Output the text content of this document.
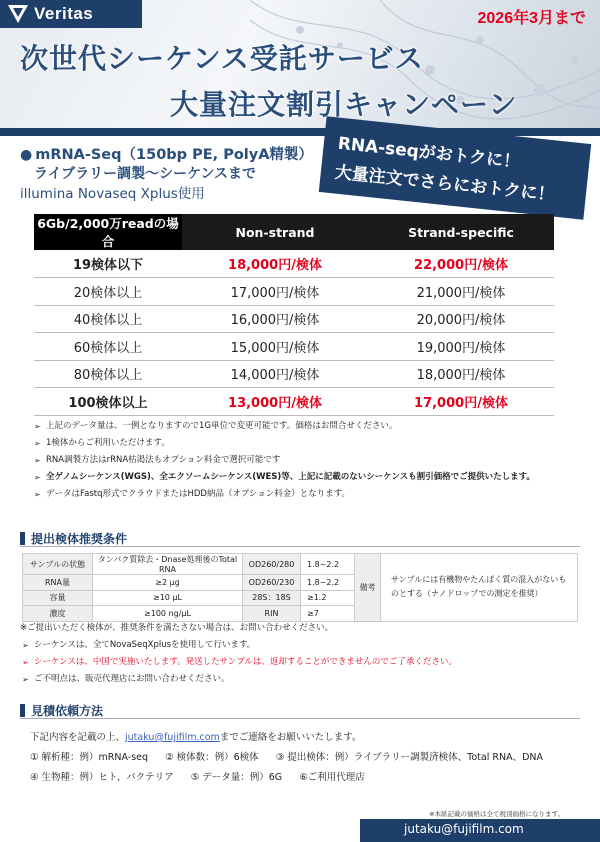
Veritas	2026年3月まで
次世代シーケンス受託サービス
大量注文割引キャンペーン
● mRNA-Seq（150bp PE, PolyA精製）
ライブラリー調製～シーケンスまで
illumina Novaseq Xplus使用
RNA-seqがおトクに！
大量注文でさらにおトクに！
6Gb/2,000万readの場合	Non-strand	Strand-specific
19検体以下	18,000円/検体	22,000円/検体
20検体以上	17,000円/検体	21,000円/検体
40検体以上	16,000円/検体	20,000円/検体
60検体以上	15,000円/検体	19,000円/検体
80検体以上	14,000円/検体	18,000円/検体
100検体以上	13,000円/検体	17,000円/検体
➢ 上記のデータ量は、一例となりますので1G単位で変更可能です。価格はお問合せください。
➢ 1検体からご利用いただけます。
➢ RNA調製方法はrRNA枯渇法もオプション料金で選択可能です
➢ 全ゲノムシーケンス(WGS)、全エクソームシーケンス(WES)等、上記に記載のないシーケンスも割引価格でご提供いたします。
➢ データはFastq形式でクラウドまたはHDD納品（オプション料金）となります。
提出検体推奨条件
サンプルの状態	タンパク質除去・Dnase処理後のTotal RNA	OD260/280	1.8~2.2	備考	サンプルには有機物やたんぱく質の混入がないものとする（ナノドロップでの測定を推奨）
RNA量	≥2 μg	OD260/230	1.8~2.2		
容量	≥10 μL	28S：18S	≥1.2		
濃度	≥100 ng/μL	RIN	≥7		
※ご提出いただく検体が、推奨条件を満たさない場合は、お問い合わせください。
➢ シーケンスは、全てNovaSeqXplusを使用して行います。
➢ シーケンスは、中国で実施いたします。発送したサンプルは、返却することができませんのでご了承ください。
➢ ご不明点は、販売代理店にお問い合わせください。
見積依頼方法
下記内容を記載の上、jutaku@fujifilm.comまでご連絡をお願いいたします。
① 解析種：例）mRNA-seq ② 検体数：例）6検体 ③ 提出検体：例）ライブラリー調製済検体、Total RNA、DNA
④ 生物種：例）ヒト、バクテリア ⑤ データ量：例）6G ⑥ご利用代理店
※本紙記載の価格は全て税別価格になります。
jutaku@fujifilm.com
